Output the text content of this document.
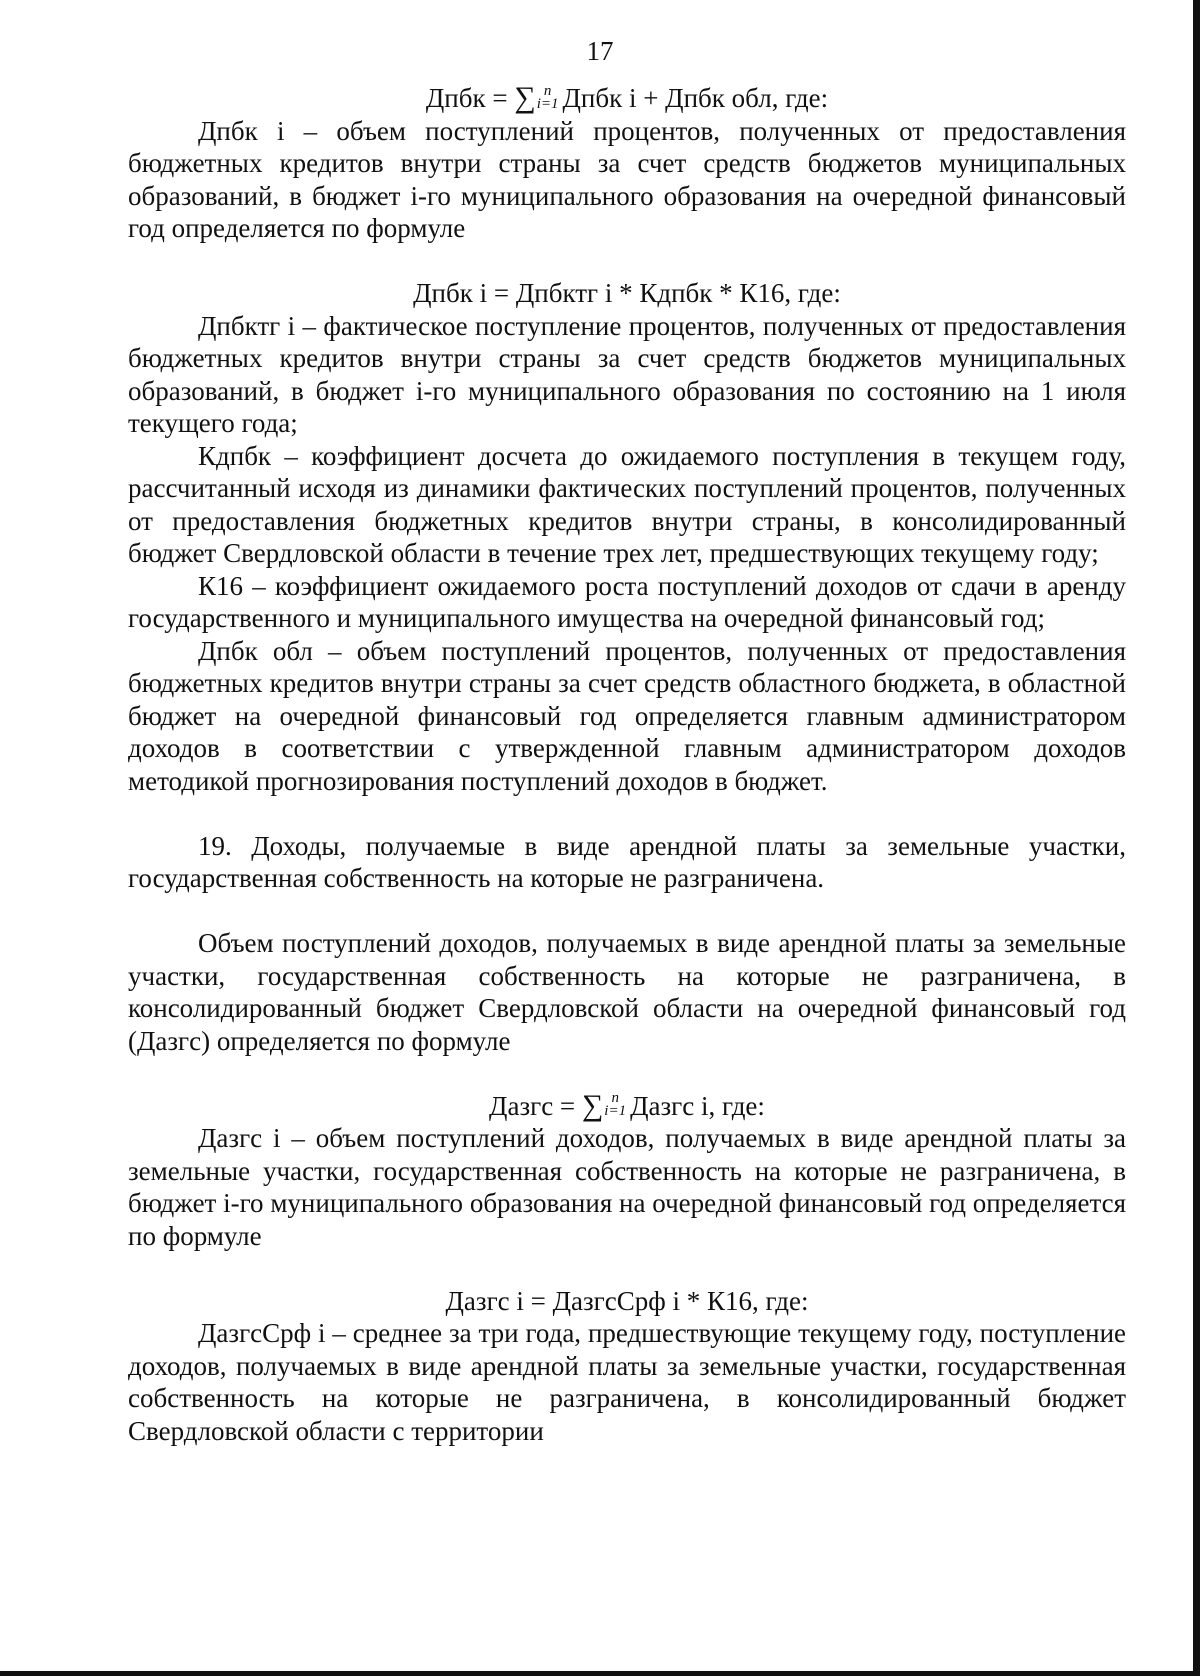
17

Дпбк = ∑ n
i=1 Дпбк i + Дпбк обл, где:

Дпбк i – объем поступлений процентов, полученных от предоставления бюджетных кредитов внутри страны за счет средств бюджетов муниципальных образований, в бюджет i-го муниципального образования на очередной финансовый год определяется по формуле

Дпбк i = Дпбктг i * Кдпбк * К16, где:

Дпбктг i – фактическое поступление процентов, полученных от предоставления бюджетных кредитов внутри страны за счет средств бюджетов муниципальных образований, в бюджет i-го муниципального образования по состоянию на 1 июля текущего года;

Кдпбк – коэффициент досчета до ожидаемого поступления в текущем году, рассчитанный исходя из динамики фактических поступлений процентов, полученных от предоставления бюджетных кредитов внутри страны, в консолидированный бюджет Свердловской области в течение трех лет, предшествующих текущему году;

К16 – коэффициент ожидаемого роста поступлений доходов от сдачи в аренду государственного и муниципального имущества на очередной финансовый год;

Дпбк обл – объем поступлений процентов, полученных от предоставления бюджетных кредитов внутри страны за счет средств областного бюджета, в областной бюджет на очередной финансовый год определяется главным администратором доходов в соответствии с утвержденной главным администратором доходов методикой прогнозирования поступлений доходов в бюджет.

19. Доходы, получаемые в виде арендной платы за земельные участки, государственная собственность на которые не разграничена.

Объем поступлений доходов, получаемых в виде арендной платы за земельные участки, государственная собственность на которые не разграничена, в консолидированный бюджет Свердловской области на очередной финансовый год (Дазгс) определяется по формуле

Дазгс = ∑ n
i=1 Дазгс i, где:

Дазгс i – объем поступлений доходов, получаемых в виде арендной платы за земельные участки, государственная собственность на которые не разграничена, в бюджет i-го муниципального образования на очередной финансовый год определяется по формуле

Дазгс i = ДазгсСрф i * К16, где:

ДазгсСрф i – среднее за три года, предшествующие текущему году, поступление доходов, получаемых в виде арендной платы за земельные участки, государственная собственность на которые не разграничена, в консолидированный бюджет Свердловской области с территории
